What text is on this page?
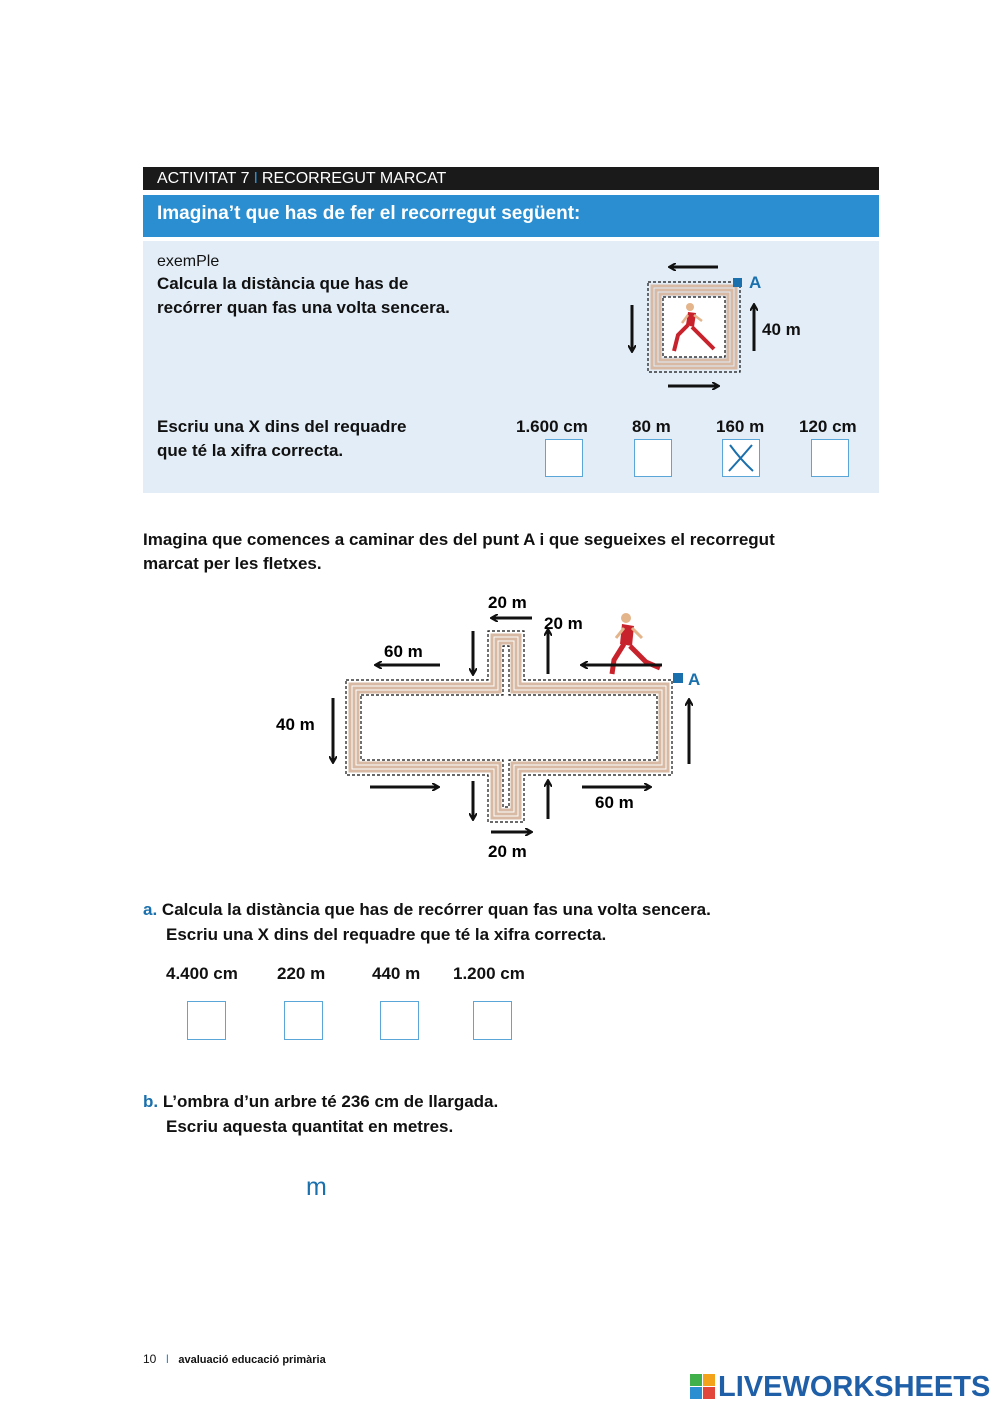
ACTIVITAT 7 I RECORREGUT MARCAT
Imagina’t que has de fer el recorregut següent:
exemPle
Calcula la distància que has de
recórrer quan fas una volta sencera.
A
40 m
Escriu una X dins del requadre
que té la xifra correcta.
1.600 cm	80 m	160 m 120 cm
Imagina que comences a caminar des del punt A i que segueixes el recorregut
marcat per les fletxes.
A
20 m
20 m
60 m
40 m
60 m
20 m
a. Calcula la distància que has de recórrer quan fas una volta sencera.
Escriu una X dins del requadre que té la xifra correcta.
4.400 cm 220 m	440 m 1.200 cm
b. L’ombra d’un arbre té 236 cm de llargada.
Escriu aquesta quantitat en metres.
m
10 I avaluació educació primària
LIVEWORKSHEETS
